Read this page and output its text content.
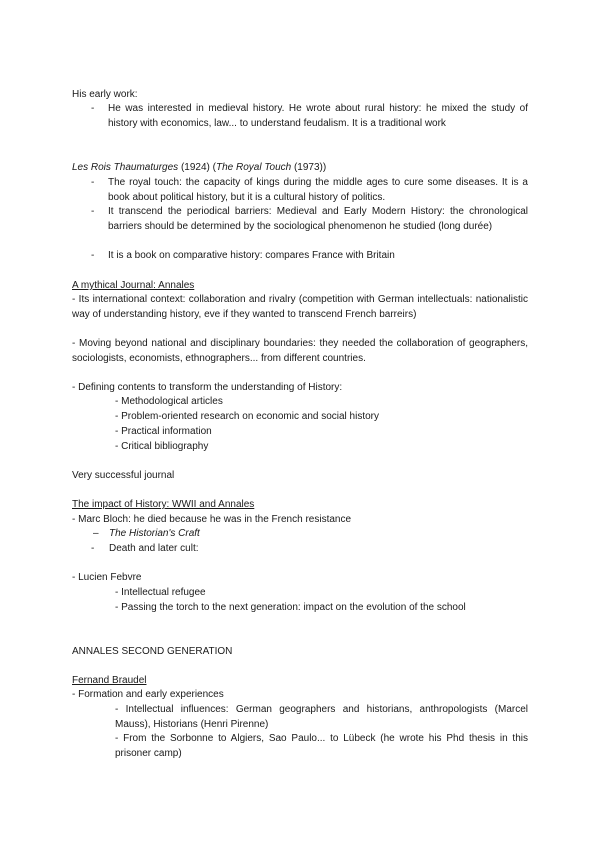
His early work:
- He was interested in medieval history. He wrote about rural history: he mixed the study of history with economics, law... to understand feudalism. It is a traditional work
Les Rois Thaumaturges (1924) (The Royal Touch (1973))
- The royal touch: the capacity of kings during the middle ages to cure some diseases. It is a book about political history, but it is a cultural history of politics.
- It transcend the periodical barriers: Medieval and Early Modern History: the chronological barriers should be determined by the sociological phenomenon he studied (long durée)
- It is a book on comparative history: compares France with Britain
A mythical Journal: Annales
- Its international context: collaboration and rivalry (competition with German intellectuals: nationalistic way of understanding history, eve if they wanted to transcend French barreirs)
- Moving beyond national and disciplinary boundaries: they needed the collaboration of geographers, sociologists, economists, ethnographers... from different countries.
- Defining contents to transform the understanding of History:
- Methodological articles
- Problem-oriented research on economic and social history
- Practical information
- Critical bibliography
Very successful journal
The impact of History: WWII and Annales
- Marc Bloch: he died because he was in the French resistance
– The Historian's Craft
- Death and later cult:
- Lucien Febvre
- Intellectual refugee
- Passing the torch to the next generation: impact on the evolution of the school
ANNALES SECOND GENERATION
Fernand Braudel
- Formation and early experiences
- Intellectual influences: German geographers and historians, anthropologists (Marcel Mauss), Historians (Henri Pirenne)
- From the Sorbonne to Algiers, Sao Paulo... to Lübeck (he wrote his Phd thesis in this prisoner camp)
